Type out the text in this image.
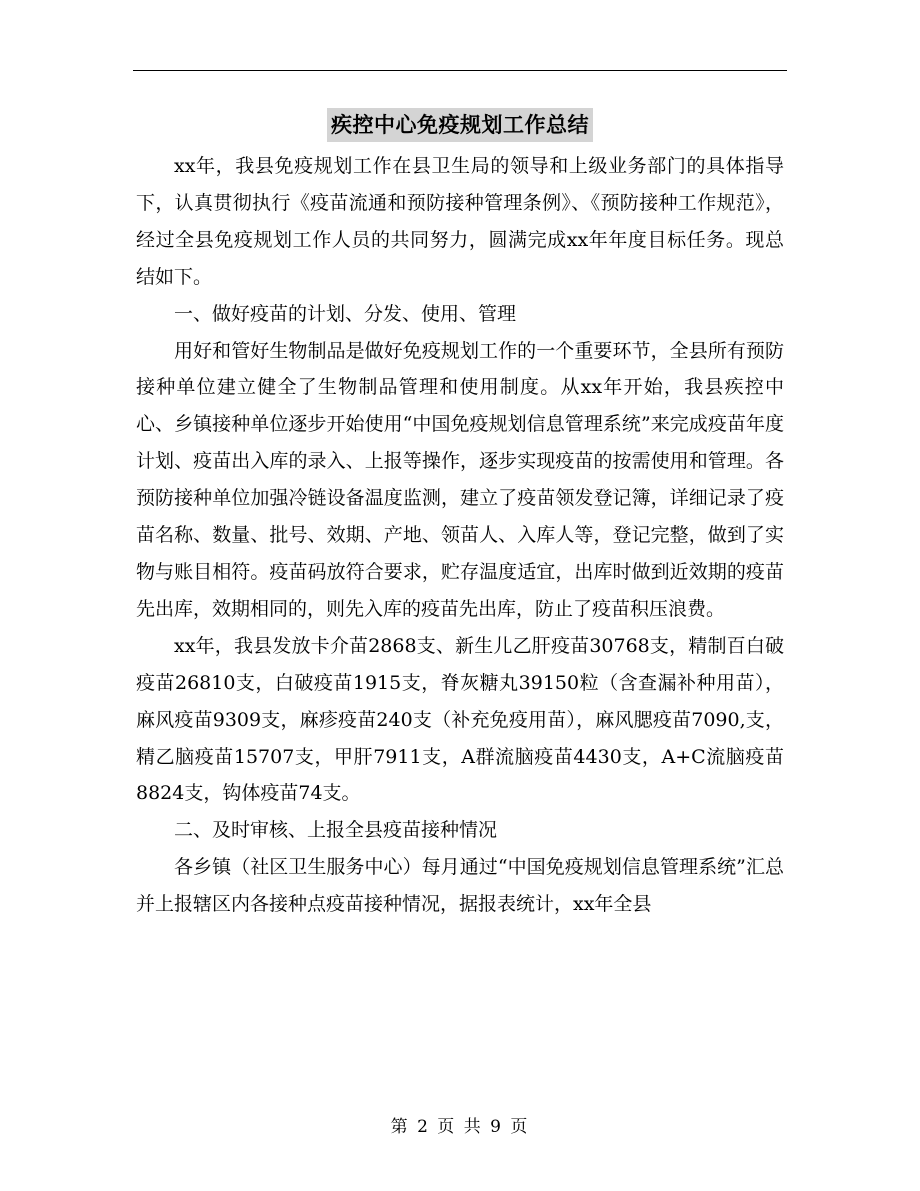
疾控中心免疫规划工作总结

xx年，我县免疫规划工作在县卫生局的领导和上级业务部门的具体指导下，认真贯彻执行《疫苗流通和预防接种管理条例》、《预防接种工作规范》，经过全县免疫规划工作人员的共同努力，圆满完成xx年年度目标任务。现总结如下。

一、做好疫苗的计划、分发、使用、管理

用好和管好生物制品是做好免疫规划工作的一个重要环节，全县所有预防接种单位建立健全了生物制品管理和使用制度。从xx年开始，我县疾控中心、乡镇接种单位逐步开始使用“中国免疫规划信息管理系统”来完成疫苗年度计划、疫苗出入库的录入、上报等操作，逐步实现疫苗的按需使用和管理。各预防接种单位加强冷链设备温度监测，建立了疫苗领发登记簿，详细记录了疫苗名称、数量、批号、效期、产地、领苗人、入库人等，登记完整，做到了实物与账目相符。疫苗码放符合要求，贮存温度适宜，出库时做到近效期的疫苗先出库，效期相同的，则先入库的疫苗先出库，防止了疫苗积压浪费。

xx年，我县发放卡介苗2868支、新生儿乙肝疫苗30768支，精制百白破疫苗26810支，白破疫苗1915支，脊灰糖丸39150粒（含查漏补种用苗），麻风疫苗9309支，麻疹疫苗240支（补充免疫用苗），麻风腮疫苗7090,支，精乙脑疫苗15707支，甲肝7911支，A群流脑疫苗4430支，A+C流脑疫苗8824支，钩体疫苗74支。

二、及时审核、上报全县疫苗接种情况

各乡镇（社区卫生服务中心）每月通过“中国免疫规划信息管理系统”汇总并上报辖区内各接种点疫苗接种情况，据报表统计，xx年全县

第 2 页 共 9 页
